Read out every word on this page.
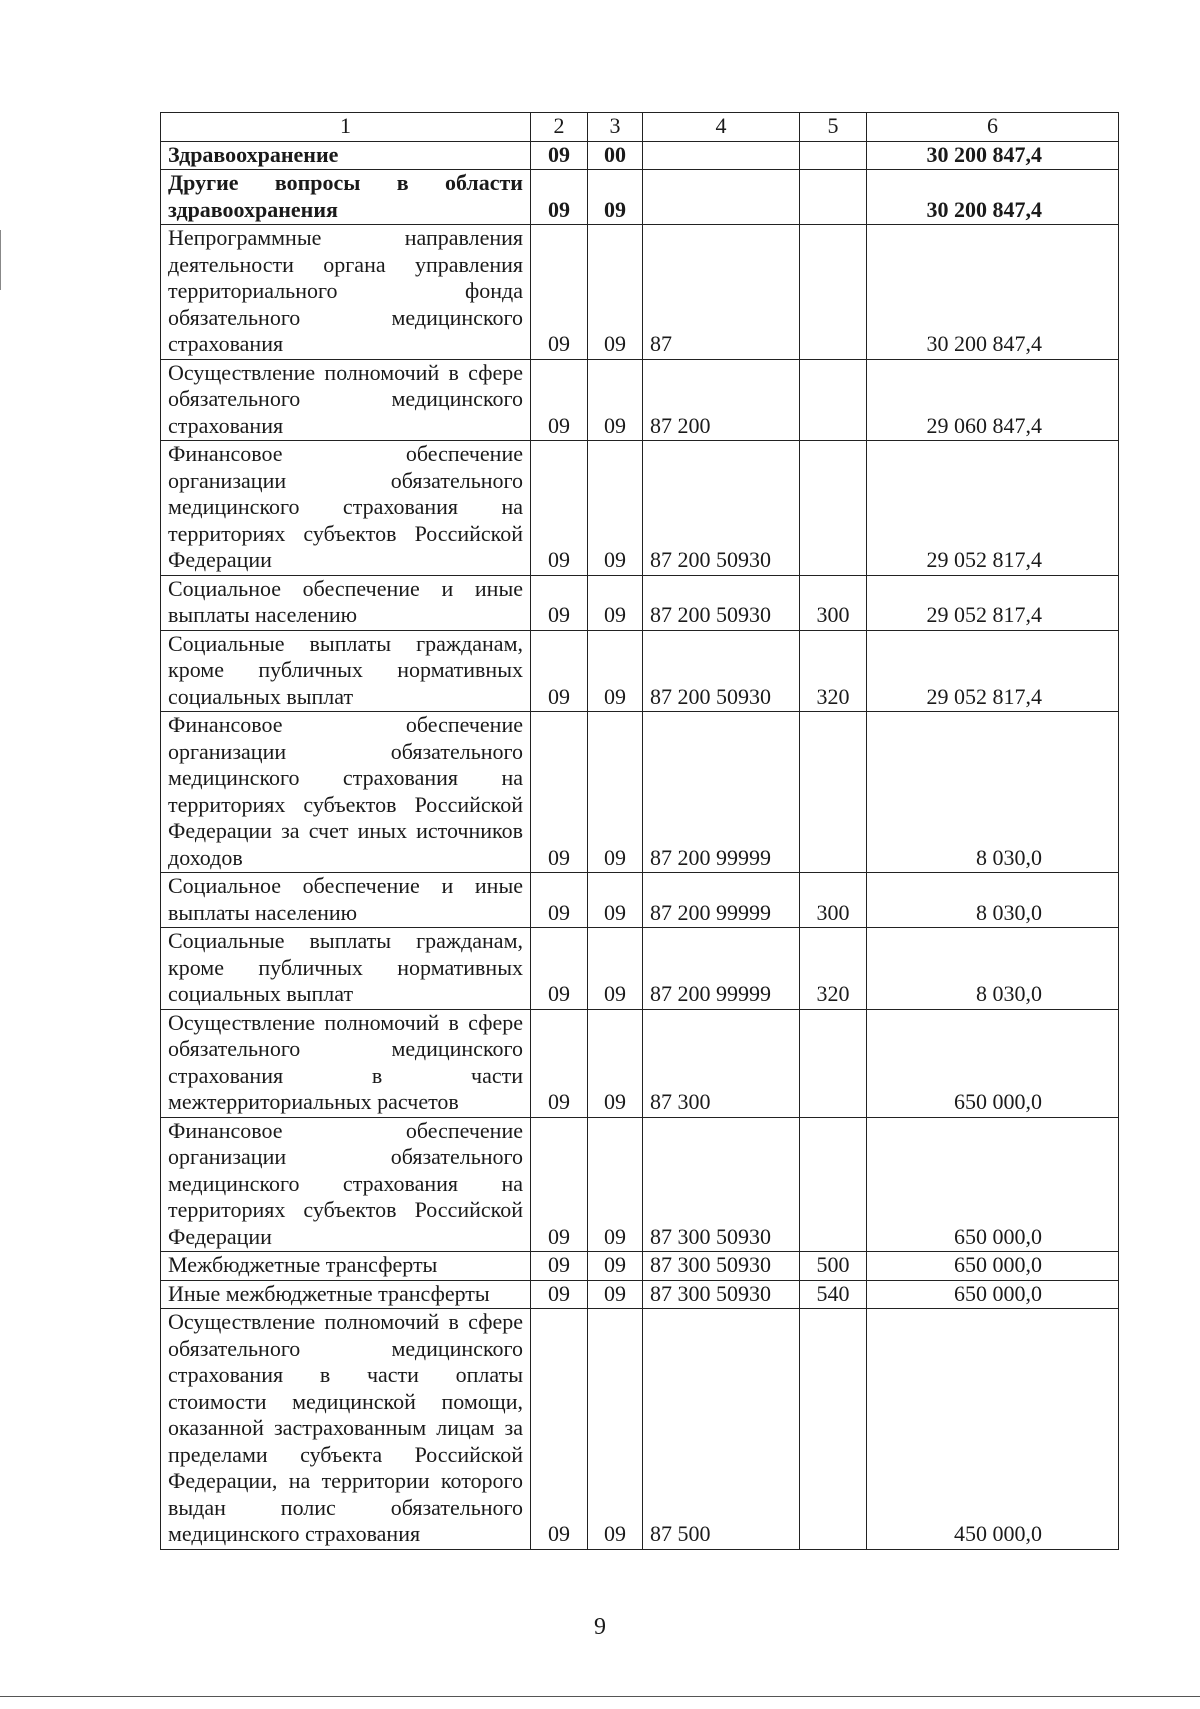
1	2	3	4	5	6
Здравоохранение	09	00			30 200 847,4
Другие вопросы в области здравоохранения	09	09			30 200 847,4
Непрограммные направления деятельности органа управления территориального фонда обязательного медицинского страхования	09	09	87		30 200 847,4
Осуществление полномочий в сфере обязательного медицинского страхования	09	09	87 200		29 060 847,4
Финансовое обеспечение организации обязательного медицинского страхования на территориях субъектов Российской Федерации	09	09	87 200 50930		29 052 817,4
Социальное обеспечение и иные выплаты населению	09	09	87 200 50930	300	29 052 817,4
Социальные выплаты гражданам, кроме публичных нормативных социальных выплат	09	09	87 200 50930	320	29 052 817,4
Финансовое обеспечение организации обязательного медицинского страхования на территориях субъектов Российской Федерации за счет иных источников доходов	09	09	87 200 99999		8 030,0
Социальное обеспечение и иные выплаты населению	09	09	87 200 99999	300	8 030,0
Социальные выплаты гражданам, кроме публичных нормативных социальных выплат	09	09	87 200 99999	320	8 030,0
Осуществление полномочий в сфере обязательного медицинского страхования в части межтерриториальных расчетов	09	09	87 300		650 000,0
Финансовое обеспечение организации обязательного медицинского страхования на территориях субъектов Российской Федерации	09	09	87 300 50930		650 000,0
Межбюджетные трансферты	09	09	87 300 50930	500	650 000,0
Иные межбюджетные трансферты	09	09	87 300 50930	540	650 000,0
Осуществление полномочий в сфере обязательного медицинского страхования в части оплаты стоимости медицинской помощи, оказанной застрахованным лицам за пределами субъекта Российской Федерации, на территории которого выдан полис обязательного медицинского страхования	09	09	87 500		450 000,0
9
